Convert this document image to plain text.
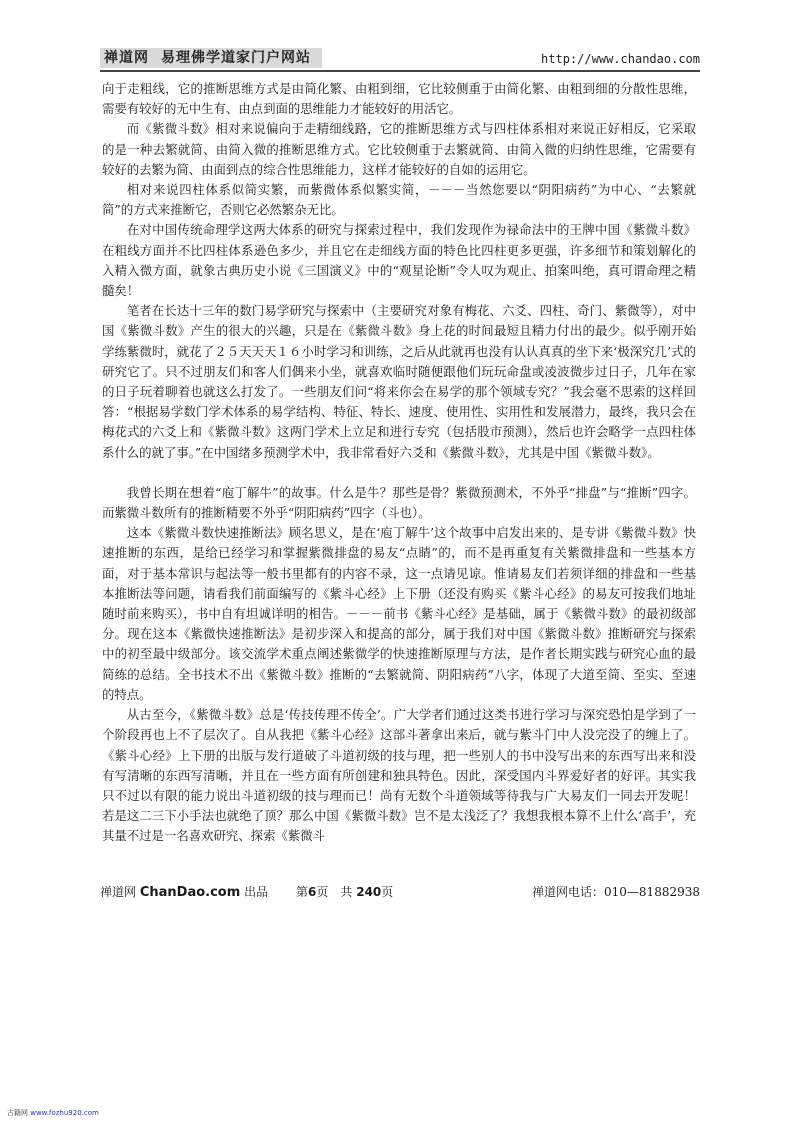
禅道网 易理佛学道家门户网站	http://www.chandao.com

向于走粗线，它的推断思维方式是由简化繁、由粗到细，它比较侧重于由简化繁、由粗到细的分散性思维，需要有较好的无中生有、由点到面的思维能力才能较好的用活它。

而《紫微斗数》相对来说偏向于走精细线路，它的推断思维方式与四柱体系相对来说正好相反，它采取的是一种去繁就简、由简入微的推断思维方式。它比较侧重于去繁就简、由简入微的归纳性思维，它需要有较好的去繁为简、由面到点的综合性思维能力，这样才能较好的自如的运用它。

相对来说四柱体系似简实繁，而紫微体系似繁实简，－－－当然您要以“阴阳病药”为中心、“去繁就简”的方式来推断它，否则它必然繁杂无比。

在对中国传统命理学这两大体系的研究与探索过程中，我们发现作为禄命法中的王牌中国《紫微斗数》在粗线方面并不比四柱体系逊色多少，并且它在走细线方面的特色比四柱更多更强，许多细节和策划解化的入精入微方面，就象古典历史小说《三国演义》中的“观星论断”令人叹为观止、拍案叫绝，真可谓命理之精髓矣！

笔者在长达十三年的数门易学研究与探索中（主要研究对象有梅花、六爻、四柱、奇门、紫微等），对中国《紫微斗数》产生的很大的兴趣，只是在《紫微斗数》身上花的时间最短且精力付出的最少。似乎刚开始学练紫微时，就花了２５天天天１６小时学习和训练，之后从此就再也没有认认真真的坐下来‘极深究几’式的研究它了。只不过朋友们和客人们偶来小坐，就喜欢临时随便跟他们玩玩命盘或凌波微步过日子，几年在家的日子玩着聊着也就这么打发了。一些朋友们问“将来你会在易学的那个领域专究？”我会毫不思索的这样回答：“根据易学数门学术体系的易学结构、特征、特长、速度、使用性、实用性和发展潜力，最终，我只会在梅花式的六爻上和《紫微斗数》这两门学术上立足和进行专究（包括股市预测），然后也许会略学一点四柱体系什么的就了事。”在中国绪多预测学术中，我非常看好六爻和《紫微斗数》，尤其是中国《紫微斗数》。

我曾长期在想着“庖丁解牛”的故事。什么是牛？那些是骨？紫微预测术，不外乎“排盘”与“推断”四字。而紫微斗数所有的推断精要不外乎“阴阳病药”四字（斗也）。

这本《紫微斗数快速推断法》顾名思义，是在‘庖丁解牛’这个故事中启发出来的、是专讲《紫微斗数》快速推断的东西，是给已经学习和掌握紫微排盘的易友“点睛”的，而不是再重复有关紫微排盘和一些基本方面，对于基本常识与起法等一般书里都有的内容不录，这一点请见谅。惟请易友们若须详细的排盘和一些基本推断法等问题，请看我们前面编写的《紫斗心经》上下册（还没有购买《紫斗心经》的易友可按我们地址随时前来购买），书中自有坦诚详明的相告。－－－前书《紫斗心经》是基础，属于《紫微斗数》的最初级部分。现在这本《紫微快速推断法》是初步深入和提高的部分，属于我们对中国《紫微斗数》推断研究与探索中的初至最中级部分。该交流学术重点阐述紫微学的快速推断原理与方法，是作者长期实践与研究心血的最简练的总结。全书技术不出《紫微斗数》推断的“去繁就简、阴阳病药”八字，体现了大道至简、至实、至速的特点。

从古至今，《紫微斗数》总是‘传技传理不传全’。广大学者们通过这类书进行学习与深究恐怕是学到了一个阶段再也上不了层次了。自从我把《紫斗心经》这部斗著拿出来后，就与紫斗门中人没完没了的缠上了。《紫斗心经》上下册的出版与发行道破了斗道初级的技与理，把一些别人的书中没写出来的东西写出来和没有写清晰的东西写清晰，并且在一些方面有所创建和独具特色。因此，深受国内斗界爱好者的好评。其实我只不过以有限的能力说出斗道初级的技与理而已！尚有无数个斗道领域等待我与广大易友们一同去开发呢！若是这二三下小手法也就绝了顶？那么中国《紫微斗数》岂不是太浅泛了？我想我根本算不上什么‘高手’，充其量不过是一名喜欢研究、探索《紫微斗

禅道网 ChanDao.com 出品 第6页　共 240页	禅道网电话：010—81882938
古籍网 www.fozhu920.com
